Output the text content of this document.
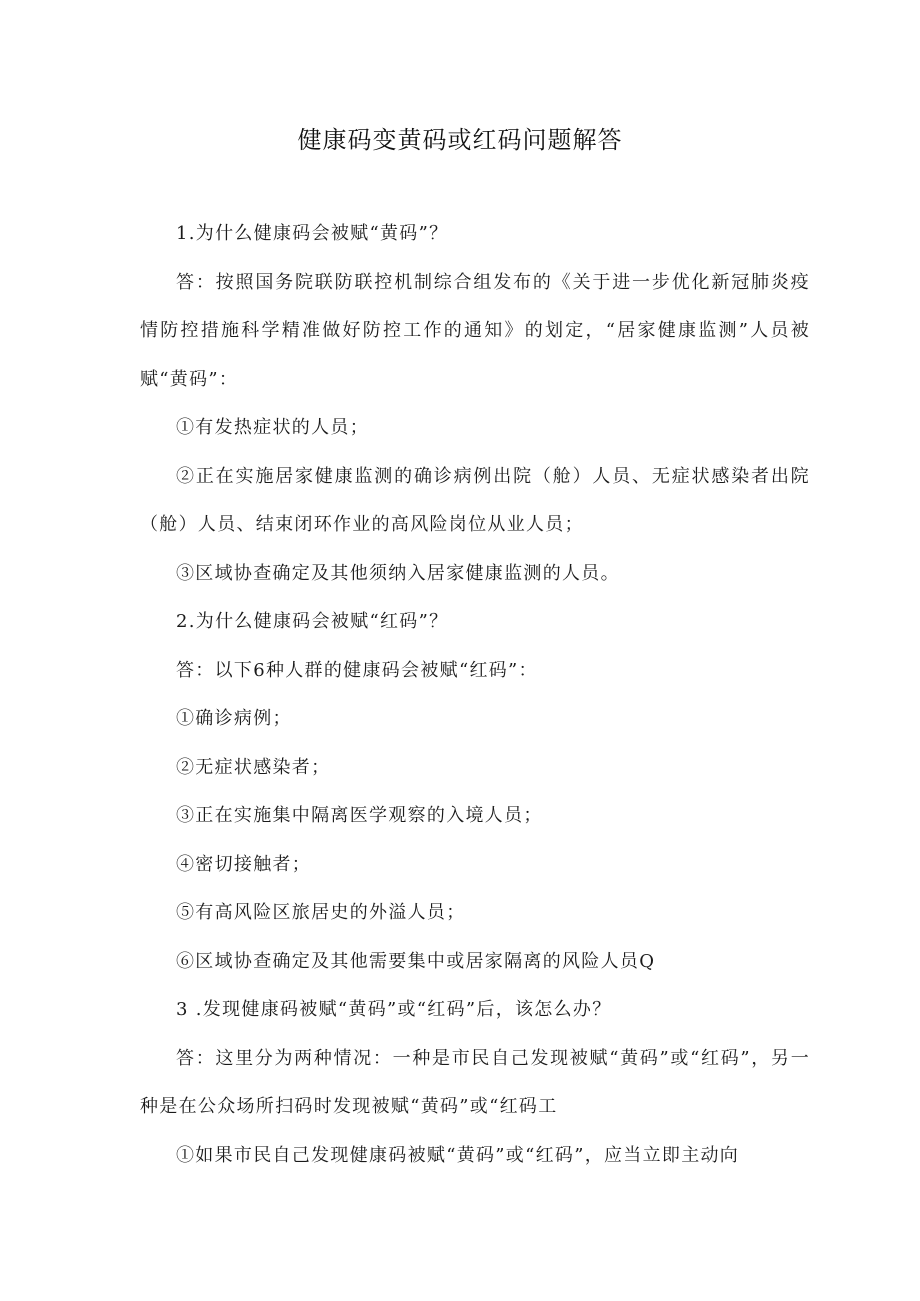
健康码变黄码或红码问题解答

1.为什么健康码会被赋“黄码”？

答：按照国务院联防联控机制综合组发布的《关于进一步优化新冠肺炎疫情防控措施科学精准做好防控工作的通知》的划定，“居家健康监测”人员被赋“黄码”：

①有发热症状的人员；

②正在实施居家健康监测的确诊病例出院（舱）人员、无症状感染者出院（舱）人员、结束闭环作业的高风险岗位从业人员；

③区域协查确定及其他须纳入居家健康监测的人员。

2.为什么健康码会被赋“红码”？

答：以下6种人群的健康码会被赋“红码”：

①确诊病例；

②无症状感染者；

③正在实施集中隔离医学观察的入境人员；

④密切接触者；

⑤有高风险区旅居史的外溢人员；

⑥区域协查确定及其他需要集中或居家隔离的风险人员Q

3 .发现健康码被赋“黄码”或“红码”后，该怎么办？

答：这里分为两种情况：一种是市民自己发现被赋“黄码”或“红码”，另一种是在公众场所扫码时发现被赋“黄码”或“红码工

①如果市民自己发现健康码被赋“黄码”或“红码”，应当立即主动向
